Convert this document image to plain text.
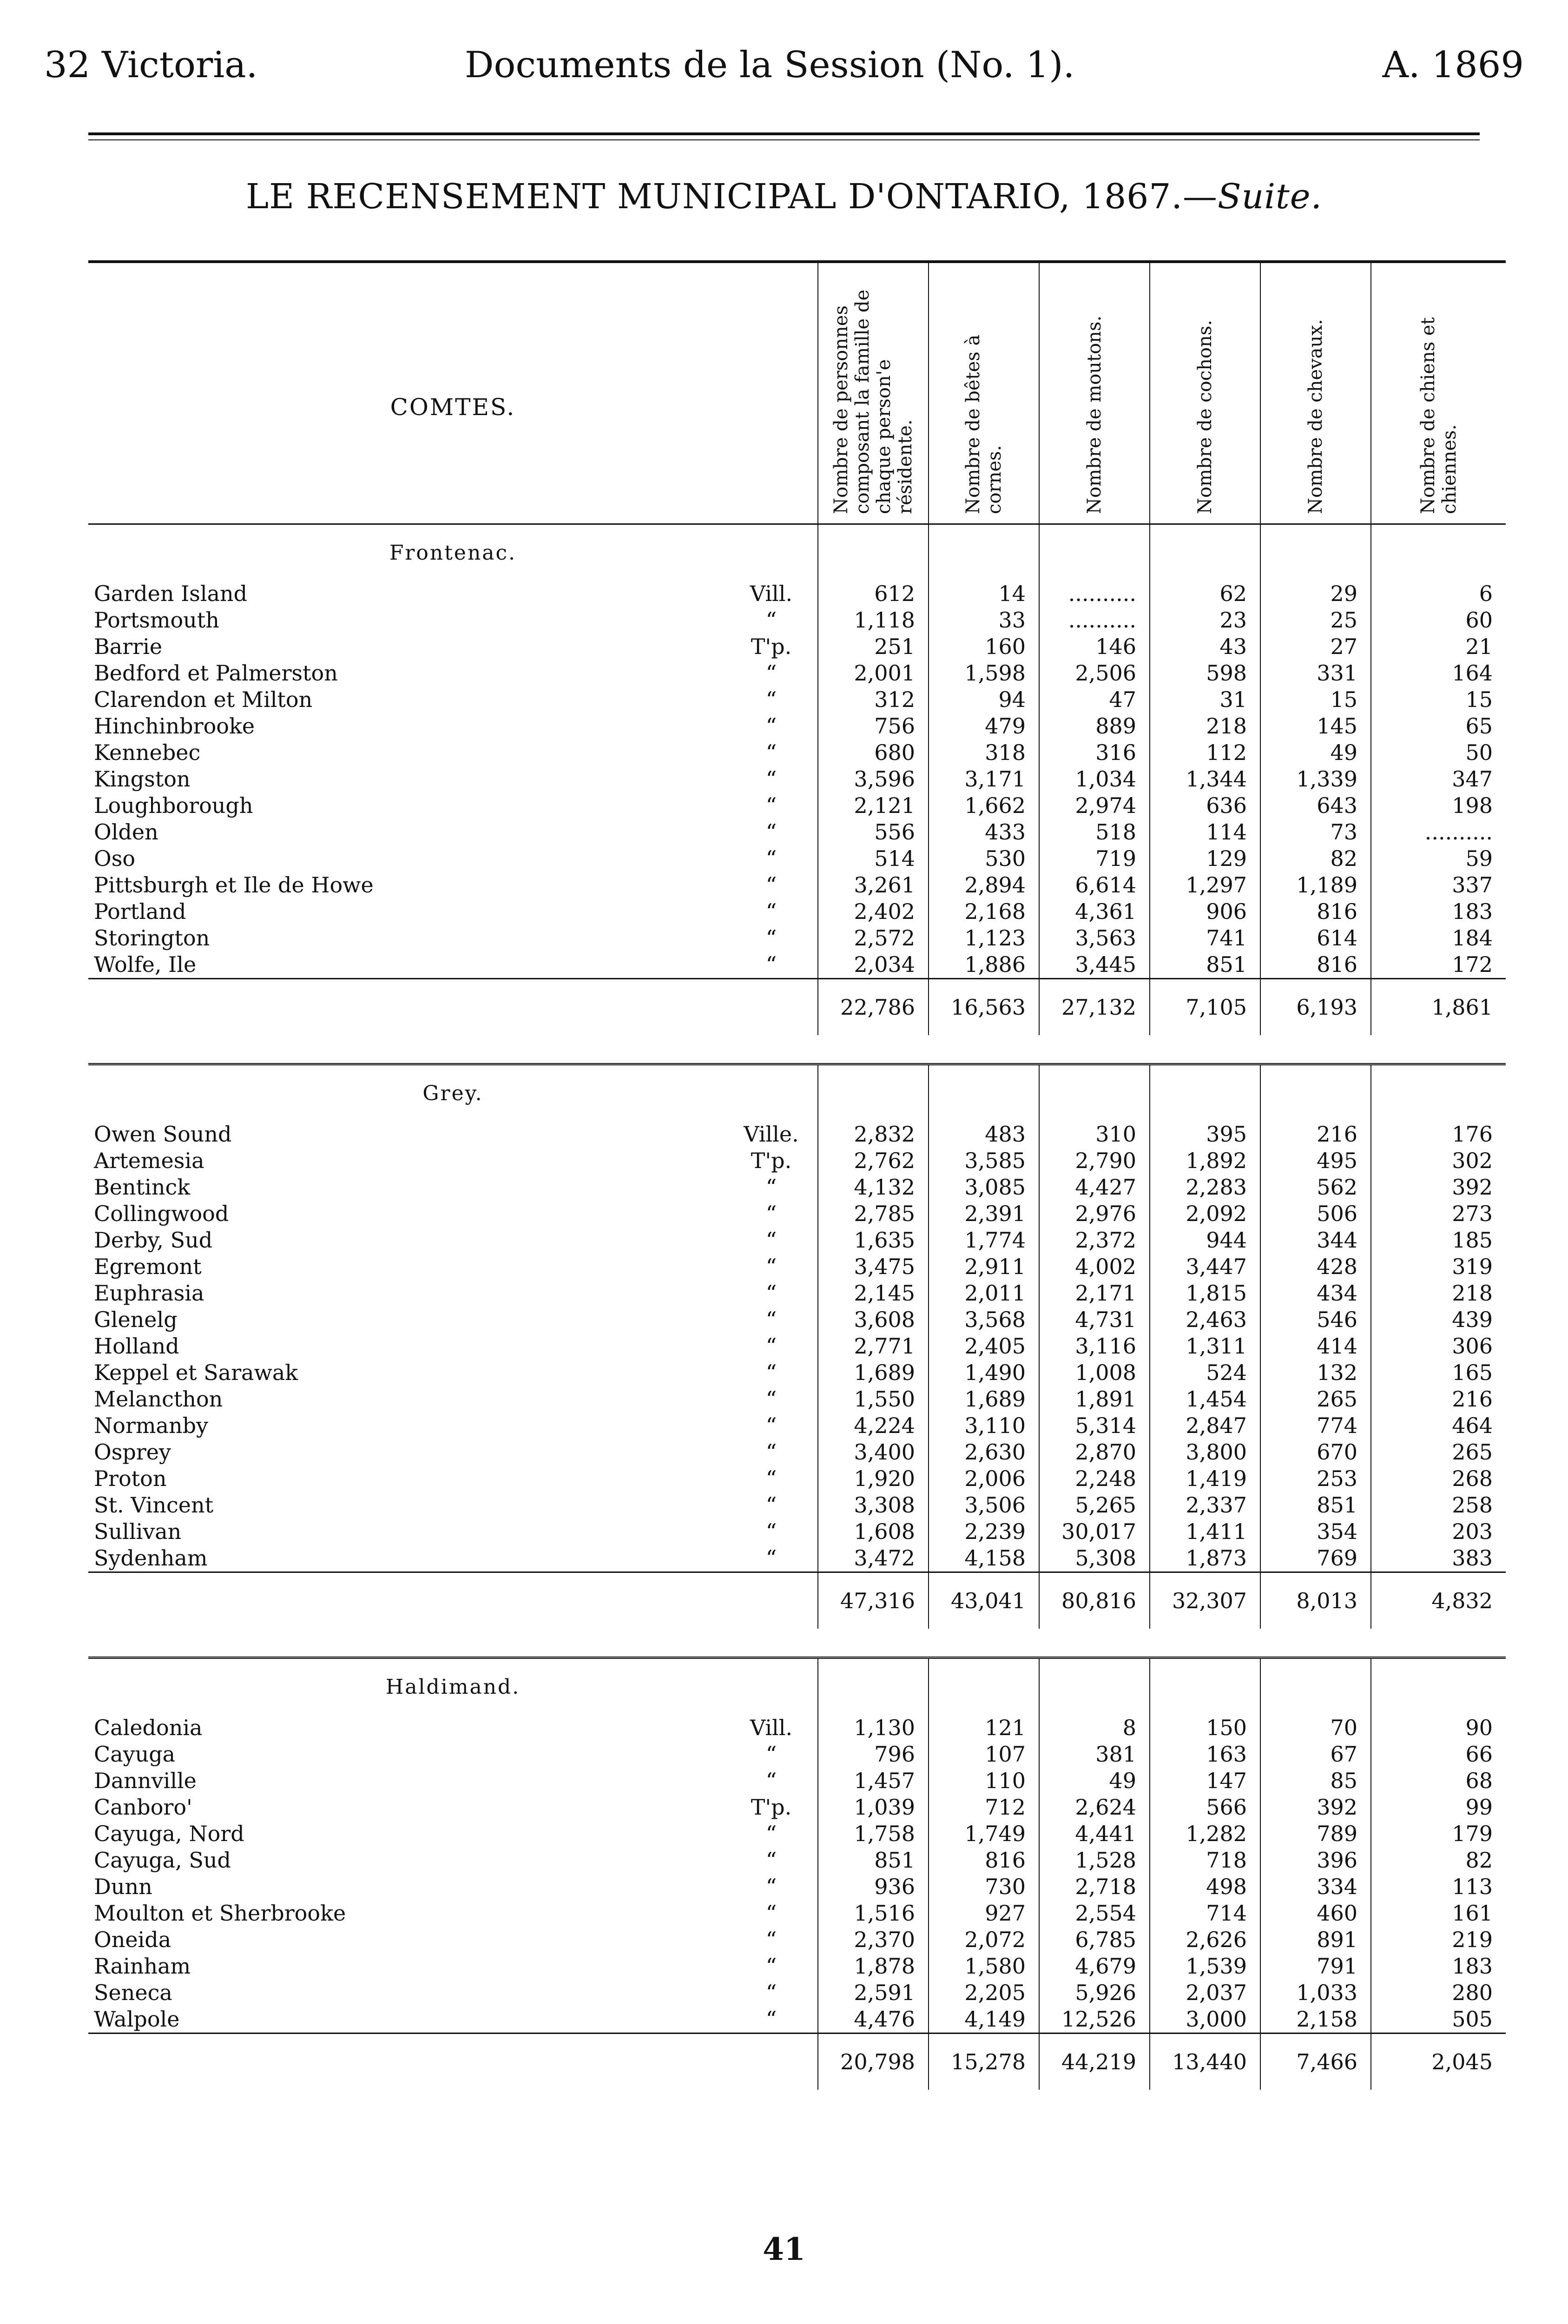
32 Victoria.	Documents de la Session (No. 1).	A. 1869
LE RECENSEMENT MUNICIPAL D'ONTARIO, 1867.—Suite.
COMTES.		Nombre de personnes composant la famille de chaque person'e résidente.	Nombre de bêtes à cornes.	Nombre de moutons.	Nombre de cochons.	Nombre de chevaux.	Nombre de chiens et chiennes.

Frontenac.							
Garden Island	Vill.	612	14	..........	62	29	6
Portsmouth	“	1,118	33	..........	23	25	60
Barrie	T'p.	251	160	146	43	27	21
Bedford et Palmerston	“	2,001	1,598	2,506	598	331	164
Clarendon et Milton	“	312	94	47	31	15	15
Hinchinbrooke	“	756	479	889	218	145	65
Kennebec	“	680	318	316	112	49	50
Kingston	“	3,596	3,171	1,034	1,344	1,339	347
Loughborough	“	2,121	1,662	2,974	636	643	198
Olden	“	556	433	518	114	73	..........
Oso	“	514	530	719	129	82	59
Pittsburgh et Ile de Howe	“	3,261	2,894	6,614	1,297	1,189	337
Portland	“	2,402	2,168	4,361	906	816	183
Storington	“	2,572	1,123	3,563	741	614	184
Wolfe, Ile	“	2,034	1,886	3,445	851	816	172
		22,786	16,563	27,132	7,105	6,193	1,861

Grey.							
Owen Sound	Ville.	2,832	483	310	395	216	176
Artemesia	T'p.	2,762	3,585	2,790	1,892	495	302
Bentinck	“	4,132	3,085	4,427	2,283	562	392
Collingwood	“	2,785	2,391	2,976	2,092	506	273
Derby, Sud	“	1,635	1,774	2,372	944	344	185
Egremont	“	3,475	2,911	4,002	3,447	428	319
Euphrasia	“	2,145	2,011	2,171	1,815	434	218
Glenelg	“	3,608	3,568	4,731	2,463	546	439
Holland	“	2,771	2,405	3,116	1,311	414	306
Keppel et Sarawak	“	1,689	1,490	1,008	524	132	165
Melancthon	“	1,550	1,689	1,891	1,454	265	216
Normanby	“	4,224	3,110	5,314	2,847	774	464
Osprey	“	3,400	2,630	2,870	3,800	670	265
Proton	“	1,920	2,006	2,248	1,419	253	268
St. Vincent	“	3,308	3,506	5,265	2,337	851	258
Sullivan	“	1,608	2,239	30,017	1,411	354	203
Sydenham	“	3,472	4,158	5,308	1,873	769	383
		47,316	43,041	80,816	32,307	8,013	4,832

Haldimand.							
Caledonia	Vill.	1,130	121	8	150	70	90
Cayuga	“	796	107	381	163	67	66
Dannville	“	1,457	110	49	147	85	68
Canboro'	T'p.	1,039	712	2,624	566	392	99
Cayuga, Nord	“	1,758	1,749	4,441	1,282	789	179
Cayuga, Sud	“	851	816	1,528	718	396	82
Dunn	“	936	730	2,718	498	334	113
Moulton et Sherbrooke	“	1,516	927	2,554	714	460	161
Oneida	“	2,370	2,072	6,785	2,626	891	219
Rainham	“	1,878	1,580	4,679	1,539	791	183
Seneca	“	2,591	2,205	5,926	2,037	1,033	280
Walpole	“	4,476	4,149	12,526	3,000	2,158	505
		20,798	15,278	44,219	13,440	7,466	2,045
41
